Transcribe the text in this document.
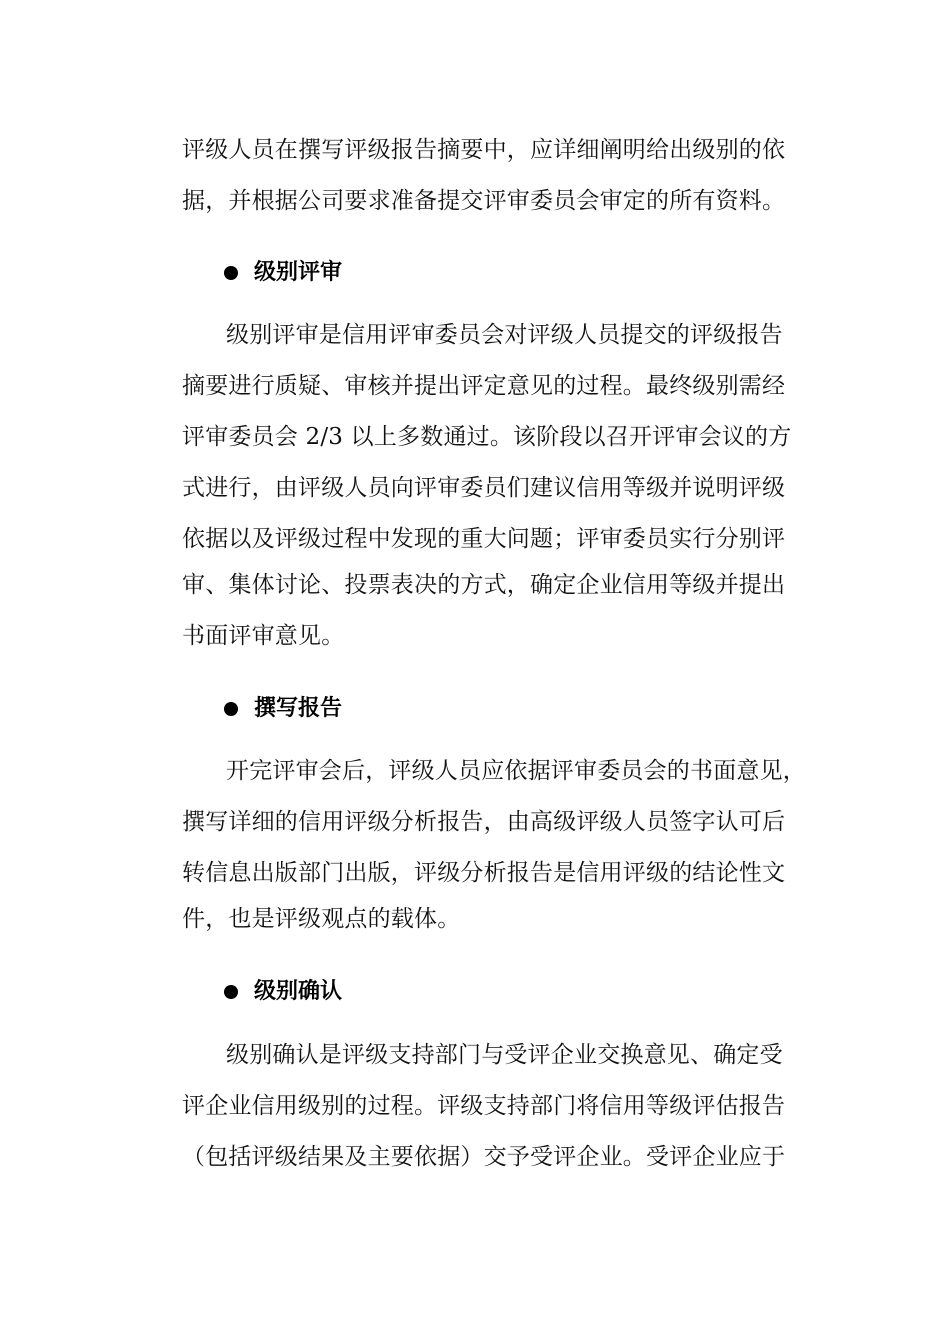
评级人员在撰写评级报告摘要中，应详细阐明给出级别的依
据，并根据公司要求准备提交评审委员会审定的所有资料。
级别评审
级别评审是信用评审委员会对评级人员提交的评级报告
摘要进行质疑、审核并提出评定意见的过程。最终级别需经
评审委员会 2/3 以上多数通过。该阶段以召开评审会议的方
式进行，由评级人员向评审委员们建议信用等级并说明评级
依据以及评级过程中发现的重大问题；评审委员实行分别评
审、集体讨论、投票表决的方式，确定企业信用等级并提出
书面评审意见。
撰写报告
开完评审会后，评级人员应依据评审委员会的书面意见，
撰写详细的信用评级分析报告，由高级评级人员签字认可后
转信息出版部门出版，评级分析报告是信用评级的结论性文
件，也是评级观点的载体。
级别确认
级别确认是评级支持部门与受评企业交换意见、确定受
评企业信用级别的过程。评级支持部门将信用等级评估报告
（包括评级结果及主要依据）交予受评企业。受评企业应于
